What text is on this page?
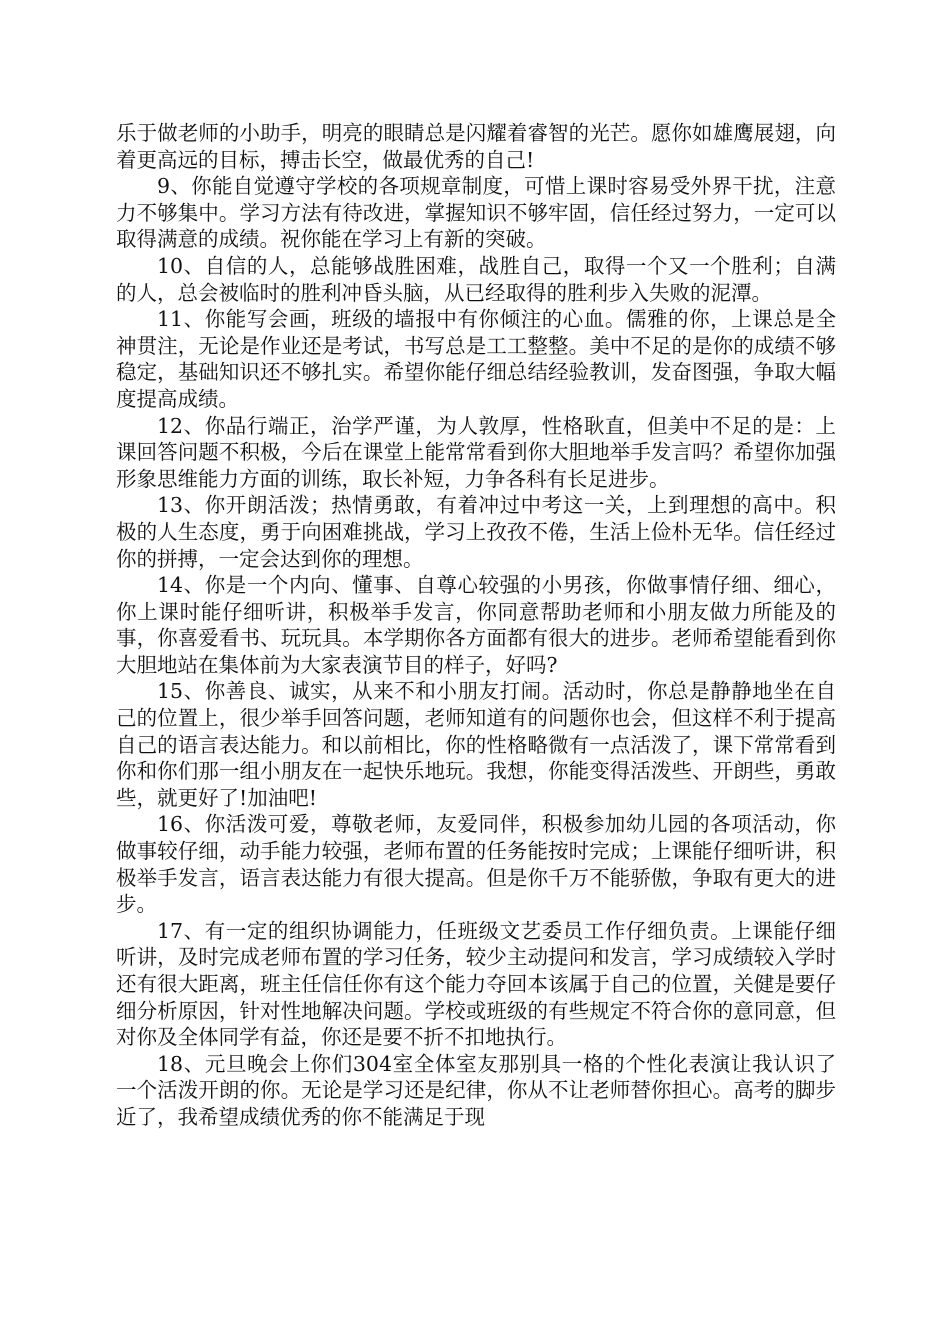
乐于做老师的小助手，明亮的眼睛总是闪耀着睿智的光芒。愿你如雄鹰展翅，向着更高远的目标，搏击长空，做最优秀的自己!

9、你能自觉遵守学校的各项规章制度，可惜上课时容易受外界干扰，注意力不够集中。学习方法有待改进，掌握知识不够牢固，信任经过努力，一定可以取得满意的成绩。祝你能在学习上有新的突破。

10、自信的人，总能够战胜困难，战胜自己，取得一个又一个胜利；自满的人，总会被临时的胜利冲昏头脑，从已经取得的胜利步入失败的泥潭。

11、你能写会画，班级的墙报中有你倾注的心血。儒雅的你，上课总是全神贯注，无论是作业还是考试，书写总是工工整整。美中不足的是你的成绩不够稳定，基础知识还不够扎实。希望你能仔细总结经验教训，发奋图强，争取大幅度提高成绩。

12、你品行端正，治学严谨，为人敦厚，性格耿直，但美中不足的是：上课回答问题不积极，今后在课堂上能常常看到你大胆地举手发言吗？希望你加强形象思维能力方面的训练，取长补短，力争各科有长足进步。

13、你开朗活泼；热情勇敢，有着冲过中考这一关，上到理想的高中。积极的人生态度，勇于向困难挑战，学习上孜孜不倦，生活上俭朴无华。信任经过你的拼搏，一定会达到你的理想。

14、你是一个内向、懂事、自尊心较强的小男孩，你做事情仔细、细心，你上课时能仔细听讲，积极举手发言，你同意帮助老师和小朋友做力所能及的事，你喜爱看书、玩玩具。本学期你各方面都有很大的进步。老师希望能看到你大胆地站在集体前为大家表演节目的样子，好吗?

15、你善良、诚实，从来不和小朋友打闹。活动时，你总是静静地坐在自己的位置上，很少举手回答问题，老师知道有的问题你也会，但这样不利于提高自己的语言表达能力。和以前相比，你的性格略微有一点活泼了，课下常常看到你和你们那一组小朋友在一起快乐地玩。我想，你能变得活泼些、开朗些，勇敢些，就更好了!加油吧!

16、你活泼可爱，尊敬老师，友爱同伴，积极参加幼儿园的各项活动，你做事较仔细，动手能力较强，老师布置的任务能按时完成；上课能仔细听讲，积极举手发言，语言表达能力有很大提高。但是你千万不能骄傲，争取有更大的进步。

17、有一定的组织协调能力，任班级文艺委员工作仔细负责。上课能仔细听讲，及时完成老师布置的学习任务，较少主动提问和发言，学习成绩较入学时还有很大距离，班主任信任你有这个能力夺回本该属于自己的位置，关健是要仔细分析原因，针对性地解决问题。学校或班级的有些规定不符合你的意同意，但对你及全体同学有益，你还是要不折不扣地执行。

18、元旦晚会上你们304室全体室友那别具一格的个性化表演让我认识了一个活泼开朗的你。无论是学习还是纪律，你从不让老师替你担心。高考的脚步近了，我希望成绩优秀的你不能满足于现
